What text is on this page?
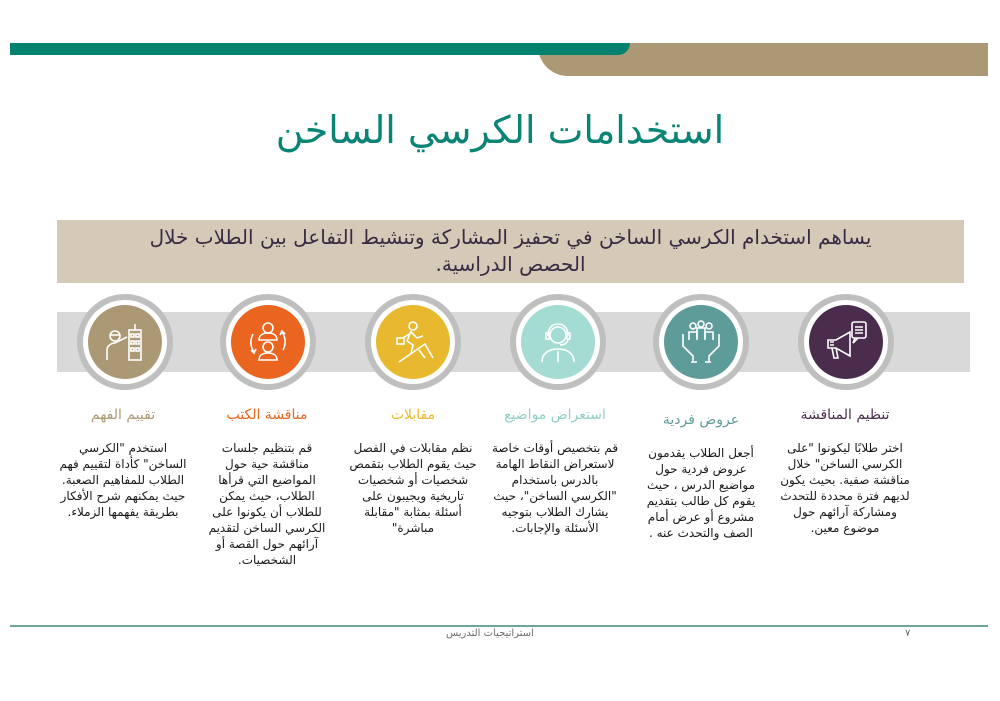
استخدامات الكرسي الساخن
يساهم استخدام الكرسي الساخن في تحفيز المشاركة وتنشيط التفاعل بين الطلاب خلال
الحصص الدراسية.
تقييم الفهم
استخدم "الكرسي الساخن" كأداة لتقييم فهم الطلاب للمفاهيم الصعبة. حيث يمكنهم شرح الأفكار بطريقة يفهمها الزملاء.
مناقشة الكتب
قم بتنظيم جلسات مناقشة حية حول المواضيع التي قرأها الطلاب، حيث يمكن للطلاب أن يكونوا على الكرسي الساخن لتقديم آرائهم حول القصة أو الشخصيات.
مقابلات
نظم مقابلات في الفصل حيث يقوم الطلاب بتقمص شخصيات أو شخصيات تاريخية ويجيبون على أسئلة بمثابة "مقابلة مباشرة"
استعراض مواضيع
قم بتخصيص أوقات خاصة لاستعراض النقاط الهامة بالدرس باستخدام "الكرسي الساخن"، حيث يشارك الطلاب بتوجيه الأسئلة والإجابات.
عروض فردية
أجعل الطلاب يقدمون عروض فردية حول مواضيع الدرس ، حيث يقوم كل طالب بتقديم مشروع أو عرض أمام الصف والتحدث عنه .
تنظيم المناقشة
اختر طلابًا ليكونوا "على الكرسي الساخن" خلال مناقشة صفية. بحيث يكون لديهم فترة محددة للتحدث ومشاركة آرائهم حول موضوع معين.
استراتيجيات التدريس	٧
